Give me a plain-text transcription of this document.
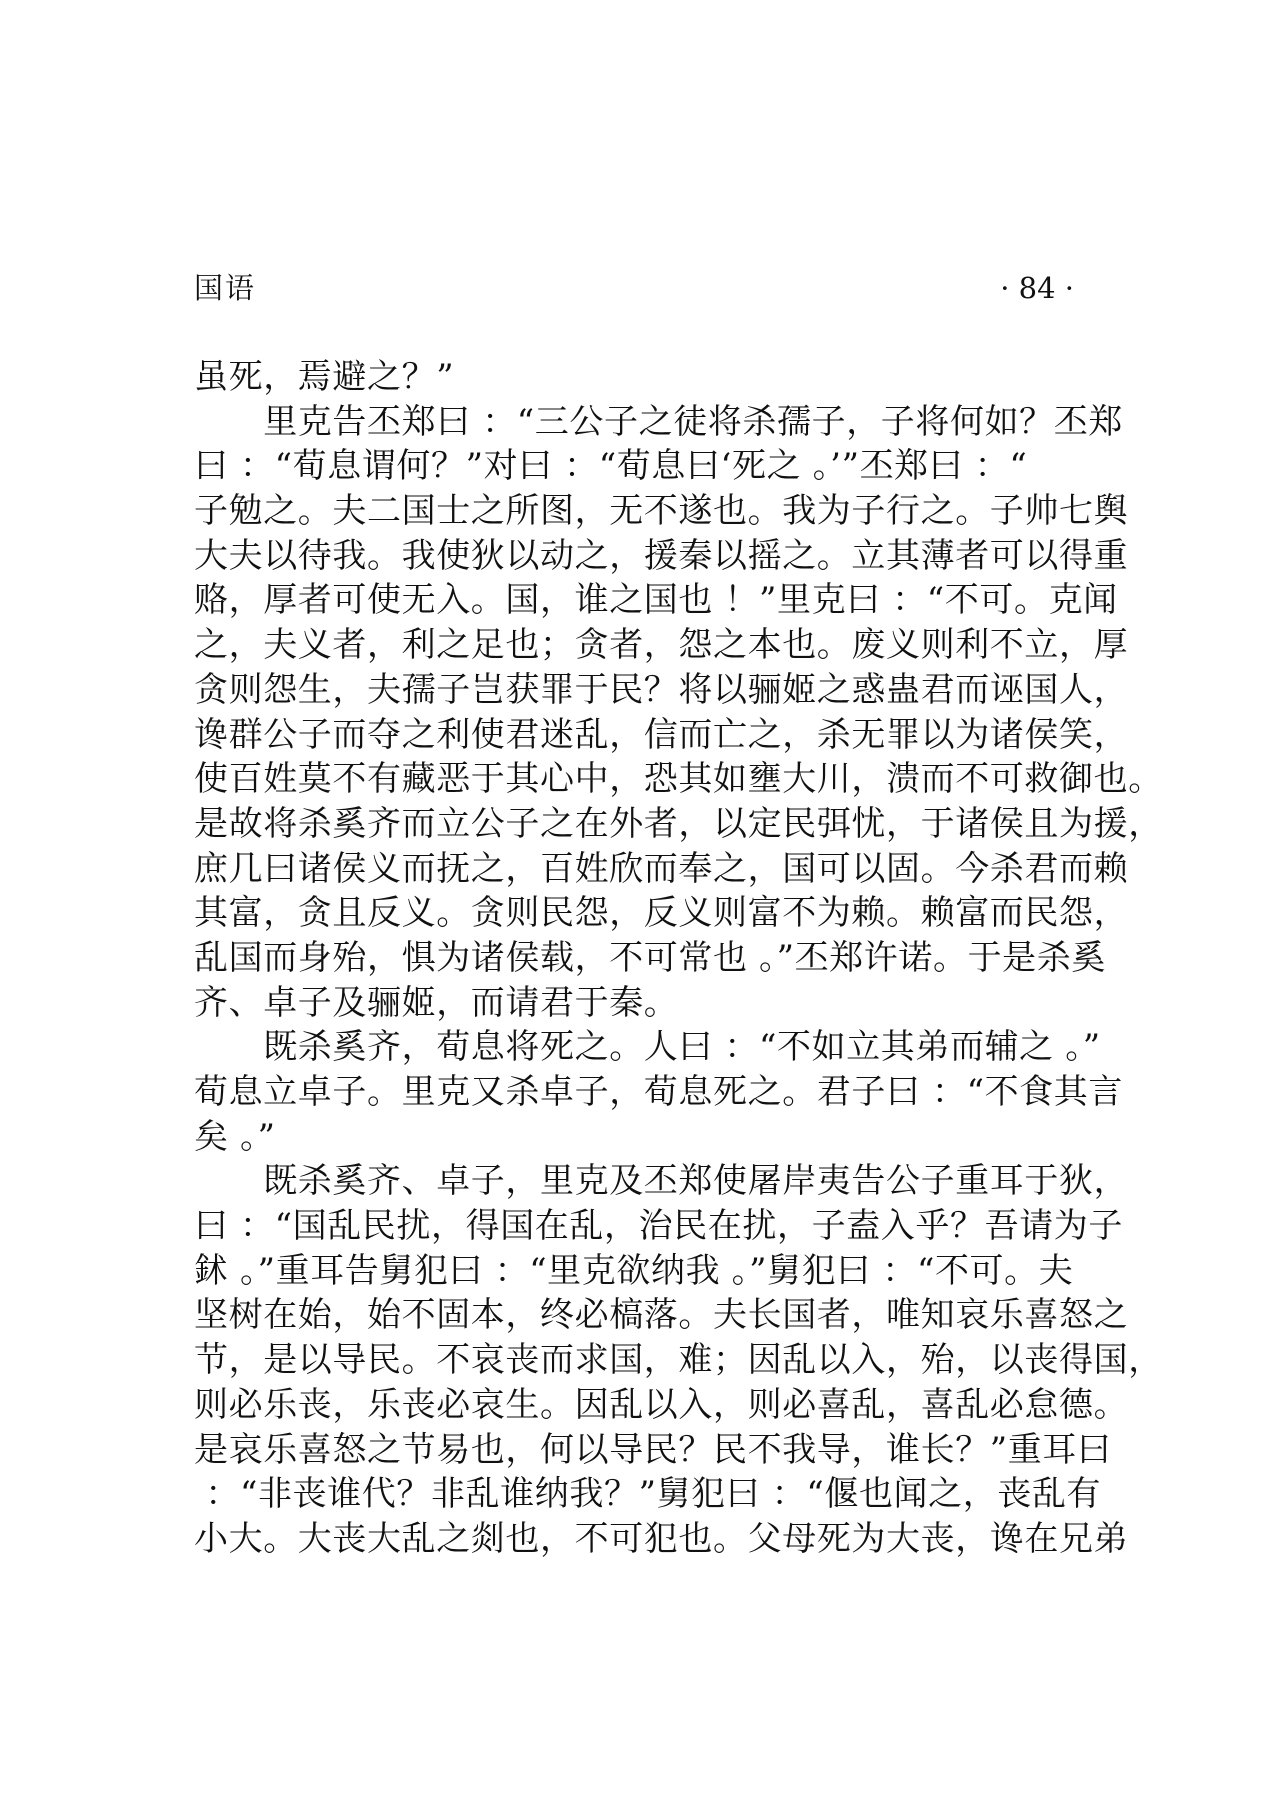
国语	· 84 ·
虽死，焉避之？”
　　里克告丕郑曰 ：“三公子之徒将杀孺子，子将何如？丕郑
曰 ：“荀息谓何？”对曰 ：“荀息曰‘死之 。’”丕郑曰 ：“
子勉之。夫二国士之所图，无不遂也。我为子行之。子帅七舆
大夫以待我。我使狄以动之，援秦以摇之。立其薄者可以得重
赂，厚者可使无入。国，谁之国也 ！”里克曰 ：“不可。克闻
之，夫义者，利之足也；贪者，怨之本也。废义则利不立，厚
贪则怨生，夫孺子岂获罪于民？将以骊姬之惑蛊君而诬国人，
谗群公子而夺之利使君迷乱，信而亡之，杀无罪以为诸侯笑，
使百姓莫不有藏恶于其心中，恐其如壅大川，溃而不可救御也。
是故将杀奚齐而立公子之在外者，以定民弭忧，于诸侯且为援，
庶几曰诸侯义而抚之，百姓欣而奉之，国可以固。今杀君而赖
其富，贪且反义。贪则民怨，反义则富不为赖。赖富而民怨，
乱国而身殆，惧为诸侯载，不可常也 。”丕郑许诺。于是杀奚
齐、卓子及骊姬，而请君于秦。
　　既杀奚齐，荀息将死之。人曰 ：“不如立其弟而辅之 。”
荀息立卓子。里克又杀卓子，荀息死之。君子曰 ：“不食其言
矣 。”
　　既杀奚齐、卓子，里克及丕郑使屠岸夷告公子重耳于狄，
曰 ：“国乱民扰，得国在乱，治民在扰，子盍入乎？吾请为子
鉥 。”重耳告舅犯曰 ：“里克欲纳我 。”舅犯曰 ：“不可。夫
坚树在始，始不固本，终必槁落。夫长国者，唯知哀乐喜怒之
节，是以导民。不哀丧而求国，难；因乱以入，殆，以丧得国，
则必乐丧，乐丧必哀生。因乱以入，则必喜乱，喜乱必怠德。
是哀乐喜怒之节易也，何以导民？民不我导，谁长？”重耳曰
：“非丧谁代？非乱谁纳我？”舅犯曰 ：“偃也闻之，丧乱有
小大。大丧大乱之剡也，不可犯也。父母死为大丧，谗在兄弟
